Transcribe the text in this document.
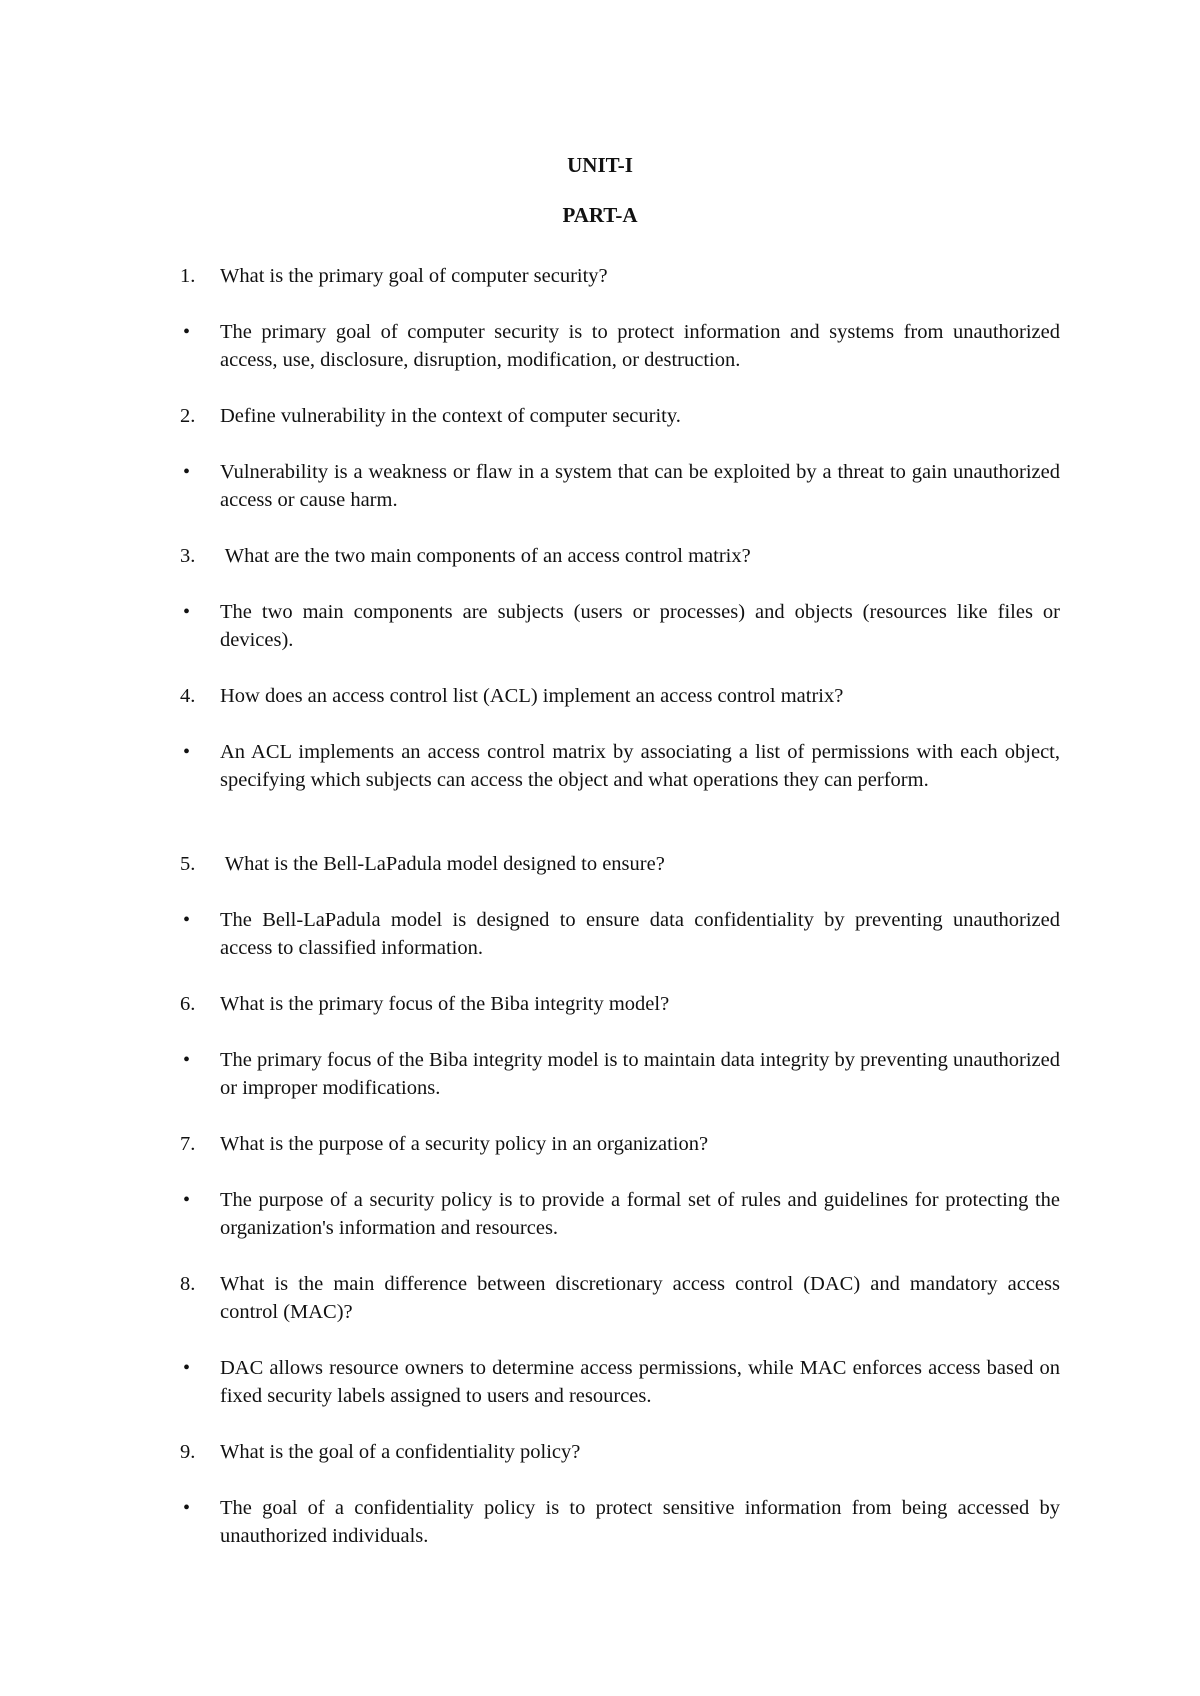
UNIT-I
PART-A
1. What is the primary goal of computer security?
• The primary goal of computer security is to protect information and systems from unauthorized access, use, disclosure, disruption, modification, or destruction.
2. Define vulnerability in the context of computer security.
• Vulnerability is a weakness or flaw in a system that can be exploited by a threat to gain unauthorized access or cause harm.
3. What are the two main components of an access control matrix?
• The two main components are subjects (users or processes) and objects (resources like files or devices).
4. How does an access control list (ACL) implement an access control matrix?
• An ACL implements an access control matrix by associating a list of permissions with each object, specifying which subjects can access the object and what operations they can perform.
5. What is the Bell-LaPadula model designed to ensure?
• The Bell-LaPadula model is designed to ensure data confidentiality by preventing unauthorized access to classified information.
6. What is the primary focus of the Biba integrity model?
• The primary focus of the Biba integrity model is to maintain data integrity by preventing unauthorized or improper modifications.
7. What is the purpose of a security policy in an organization?
• The purpose of a security policy is to provide a formal set of rules and guidelines for protecting the organization's information and resources.
8. What is the main difference between discretionary access control (DAC) and mandatory access control (MAC)?
• DAC allows resource owners to determine access permissions, while MAC enforces access based on fixed security labels assigned to users and resources.
9. What is the goal of a confidentiality policy?
• The goal of a confidentiality policy is to protect sensitive information from being accessed by unauthorized individuals.
